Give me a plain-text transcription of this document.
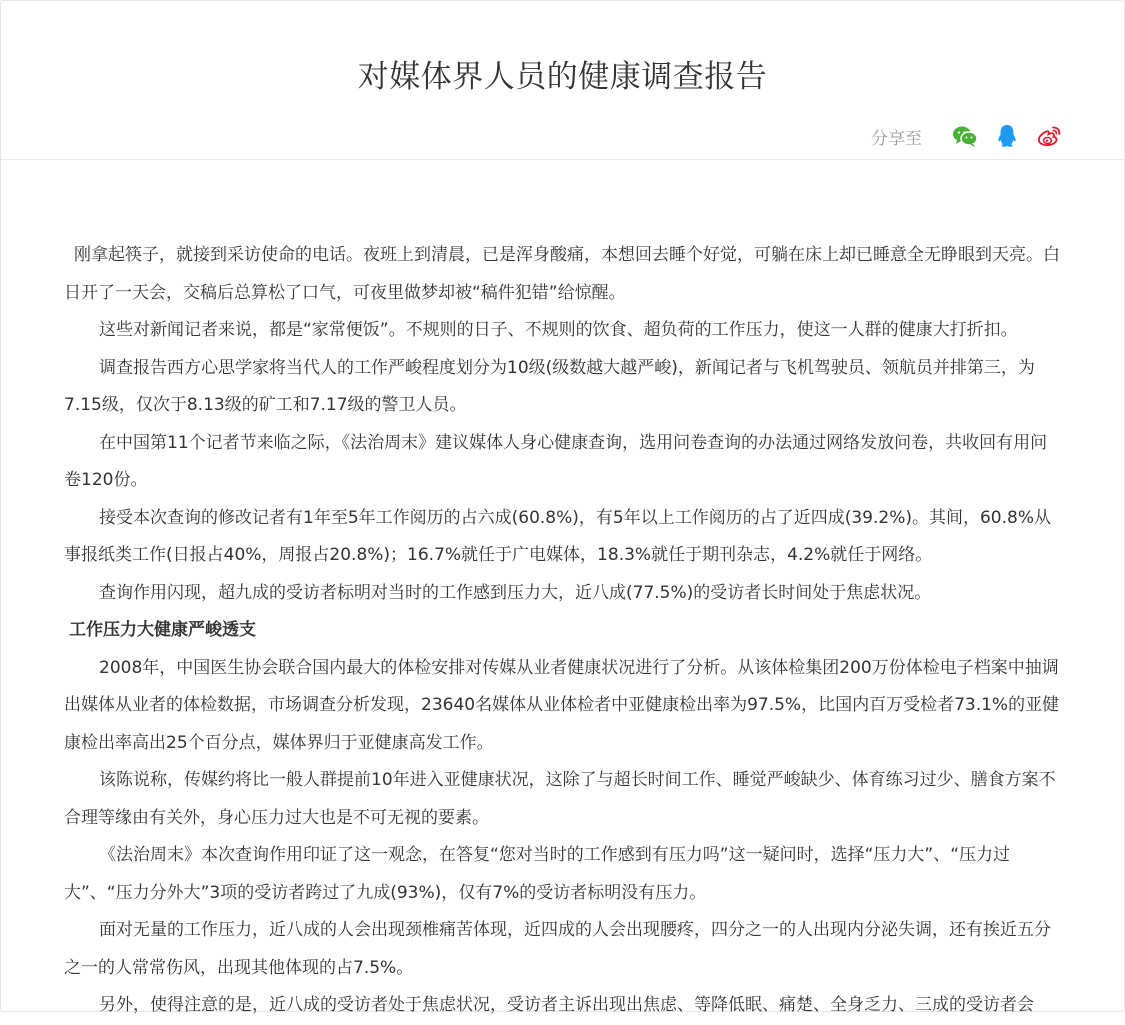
对媒体界人员的健康调查报告
分享至

刚拿起筷子，就接到采访使命的电话。夜班上到清晨，已是浑身酸痛，本想回去睡个好觉，可躺在床上却已睡意全无睁眼到天亮。白日开了一天会，交稿后总算松了口气，可夜里做梦却被“稿件犯错”给惊醒。

这些对新闻记者来说，都是“家常便饭”。不规则的日子、不规则的饮食、超负荷的工作压力，使这一人群的健康大打折扣。

调查报告西方心思学家将当代人的工作严峻程度划分为10级(级数越大越严峻)，新闻记者与飞机驾驶员、领航员并排第三，为7.15级，仅次于8.13级的矿工和7.17级的警卫人员。

在中国第11个记者节来临之际，《法治周末》建议媒体人身心健康查询，选用问卷查询的办法通过网络发放问卷，共收回有用问卷120份。

接受本次查询的修改记者有1年至5年工作阅历的占六成(60.8%)，有5年以上工作阅历的占了近四成(39.2%)。其间，60.8%从事报纸类工作(日报占40%，周报占20.8%)；16.7%就任于广电媒体，18.3%就任于期刊杂志，4.2%就任于网络。

查询作用闪现，超九成的受访者标明对当时的工作感到压力大，近八成(77.5%)的受访者长时间处于焦虑状况。

工作压力大健康严峻透支

2008年，中国医生协会联合国内最大的体检安排对传媒从业者健康状况进行了分析。从该体检集团200万份体检电子档案中抽调出媒体从业者的体检数据，市场调查分析发现，23640名媒体从业体检者中亚健康检出率为97.5%，比国内百万受检者73.1%的亚健康检出率高出25个百分点，媒体界归于亚健康高发工作。

该陈说称，传媒约将比一般人群提前10年进入亚健康状况，这除了与超长时间工作、睡觉严峻缺少、体育练习过少、膳食方案不合理等缘由有关外，身心压力过大也是不可无视的要素。

《法治周末》本次查询作用印证了这一观念，在答复“您对当时的工作感到有压力吗”这一疑问时，选择“压力大”、“压力过大”、“压力分外大”3项的受访者跨过了九成(93%)，仅有7%的受访者标明没有压力。

面对无量的工作压力，近八成的人会出现颈椎痛苦体现，近四成的人会出现腰疼，四分之一的人出现内分泌失调，还有挨近五分之一的人常常伤风，出现其他体现的占7.5%。

另外，使得注意的是，近八成的受访者处于焦虑状况，受访者主诉出现出焦虑、等降低眠、痛楚、全身乏力、三成的受访者会
